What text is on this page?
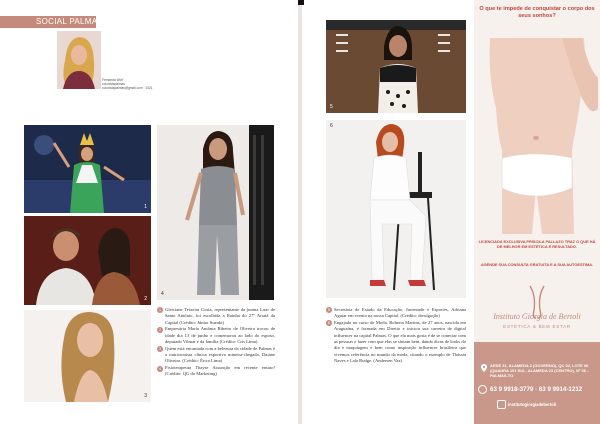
SOCIAL PALMAS
Fernanda Wolf
colunistapalmas
colunistapalmas@gmail.com · 2021
1
2
3
4

1 Gleiciane Teixeira Costa, representante da junina Luar de Santo Antônio, foi escolhida a Rainha do 27º Arraiá da Capital (Crédito: Júnior Suzuki)

2 Empresária Maria Antônia Ribeiro de Oliveira trocou de idade dia 13 de junho e comemorou ao lado do esposo, deputado Vilmar e da família (Crédito: Cris Lima)

3 Quem está encantada com a belezura da cidade de Palmas é a nutricionista clínica esportiva mineira-chegada, Daiane Oliveira. (Crédito: Érica Lima)

4 Fisioterapeuta Thayse Assunção em recente ensaio! (Crédito: QG do Marketing)

5
6

5 Secretária de Estado da Educação, Juventude e Esportes, Adriana Aguiar em evento na nossa Capital. (Crédito: divulgação)

6 Engajada no curso de Moda, Roberta Martins, de 27 anos, nascida em Araguaína, é formada em Direito e iniciou sua carreira de digital influencer na capital Palmas. O que ela mais gosta é de se conectar com as pessoas e fazer com que elas se sintam bem, dando dicas de looks do dia e maquiagem e bem como inspiração influencer brasileira que vivemos referência no mundo da moda, citando o exemplo de Thássia Naves e Lala Rudge. (Andersen Vaz)

O que te impede de conquistar o corpo dos seus sonhos?
LICENCIADA EXCLUSIVA PRISCILA PALLAZO TRAZ O QUE HÁ DE MELHOR EM ESTÉTICA E RESULTADO.
AGENDE SUA CONSULTA GRATUITA E A SUA AUTOESTIMA.
Instituto Giorgia de Bertoli
ESTÉTICA & BEM ESTAR
ARSE 31, ALAMEDA 2 (GOVERNO), QC 02, LOTE 06 (QUADRA 101 SUL, ALAMEDA 23 (CENTRO), Nº 06 - PALMAS-TO
63 9 9918-3779 · 63 9 9914-1212
institutogiorgiadebertoli
